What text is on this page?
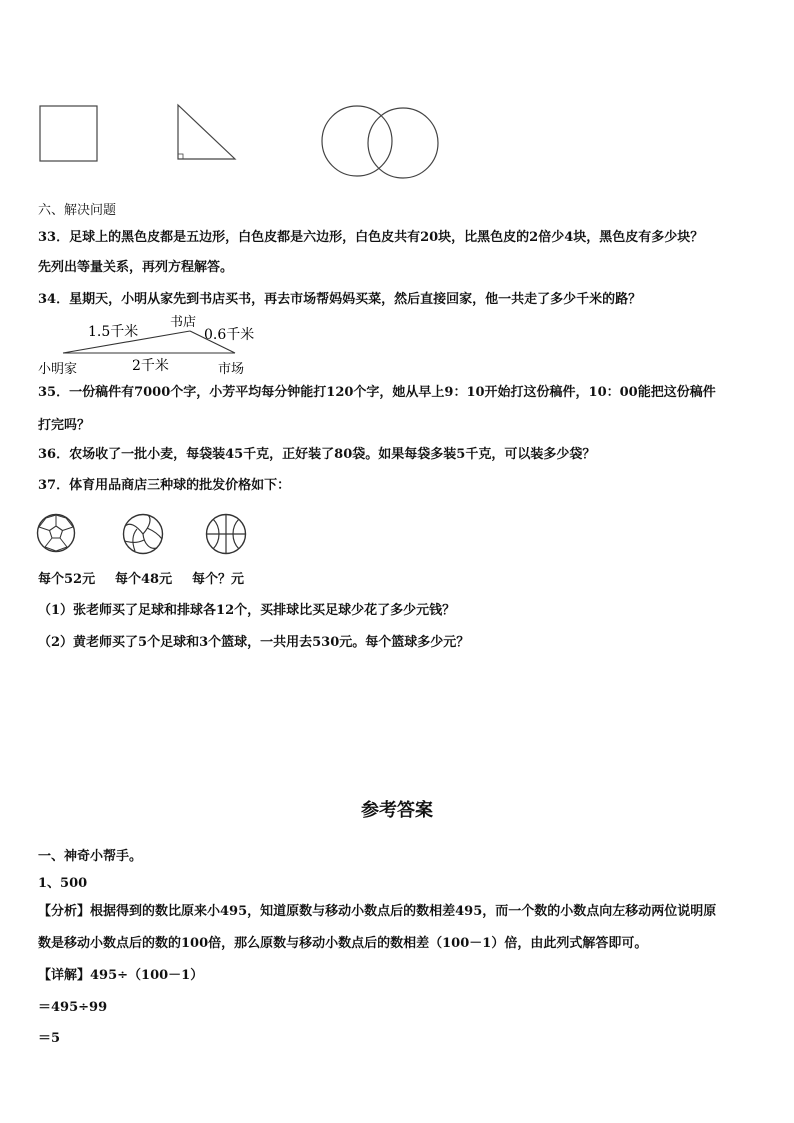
六、解决问题
33．足球上的黑色皮都是五边形，白色皮都是六边形，白色皮共有20块，比黑色皮的2倍少4块，黑色皮有多少块？
先列出等量关系，再列方程解答。
34．星期天，小明从家先到书店买书，再去市场帮妈妈买菜，然后直接回家，他一共走了多少千米的路？
1.5千米
书店
0.6千米
2千米
小明家	市场
35．一份稿件有7000个字，小芳平均每分钟能打120个字，她从早上9：10开始打这份稿件，10：00能把这份稿件
打完吗？
36．农场收了一批小麦，每袋装45千克，正好装了80袋。如果每袋多装5千克，可以装多少袋？
37．体育用品商店三种球的批发价格如下：
每个52元 每个48元 每个？元
（1）张老师买了足球和排球各12个，买排球比买足球少花了多少元钱？
（2）黄老师买了5个足球和3个篮球，一共用去530元。每个篮球多少元？
参考答案
一、神奇小帮手。
1、500
【分析】根据得到的数比原来小495，知道原数与移动小数点后的数相差495，而一个数的小数点向左移动两位说明原
数是移动小数点后的数的100倍，那么原数与移动小数点后的数相差（100－1）倍，由此列式解答即可。
【详解】495÷（100－1）
＝495÷99
＝5
